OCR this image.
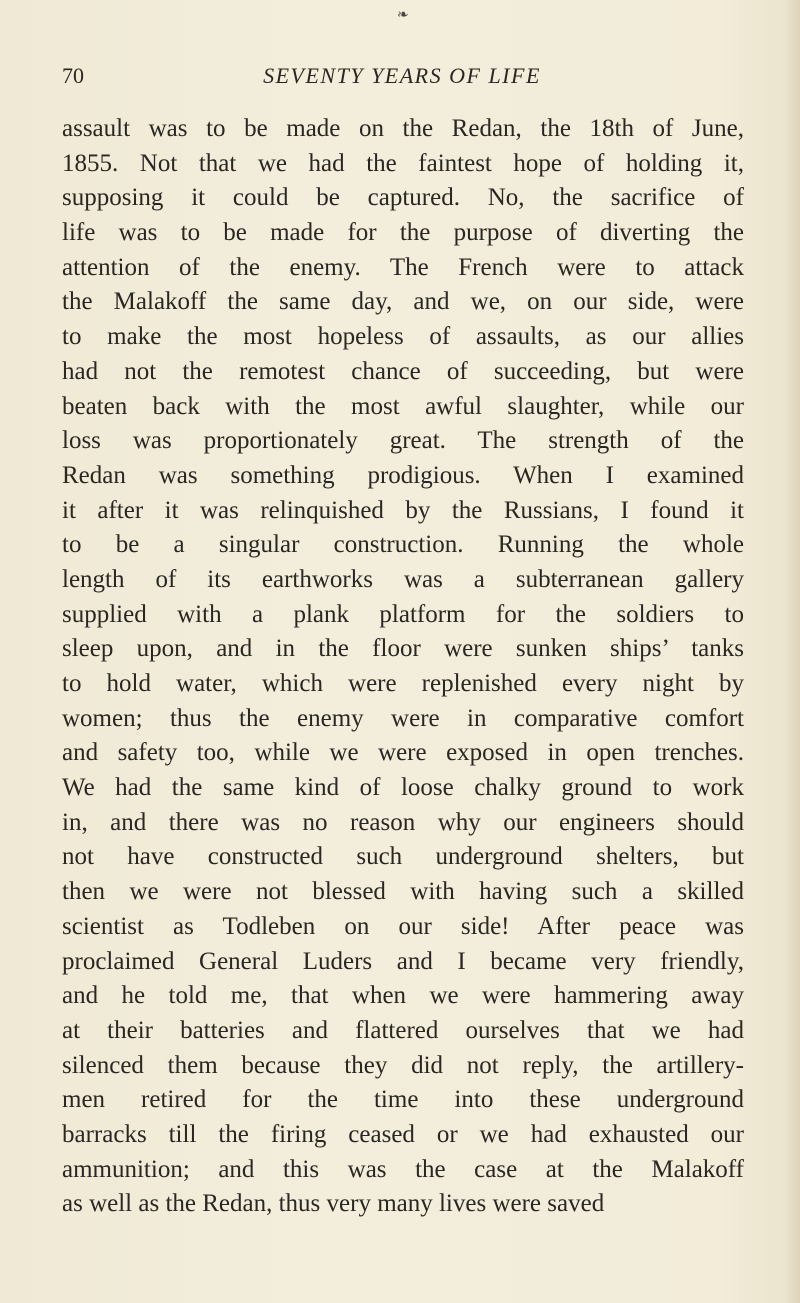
❧
70	SEVENTY YEARS OF LIFE
assault was to be made on the Redan, the 18th of June,
1855. Not that we had the faintest hope of holding it,
supposing it could be captured. No, the sacrifice of
life was to be made for the purpose of diverting the
attention of the enemy. The French were to attack
the Malakoff the same day, and we, on our side, were
to make the most hopeless of assaults, as our allies
had not the remotest chance of succeeding, but were
beaten back with the most awful slaughter, while our
loss was proportionately great. The strength of the
Redan was something prodigious. When I examined
it after it was relinquished by the Russians, I found it
to be a singular construction. Running the whole
length of its earthworks was a subterranean gallery
supplied with a plank platform for the soldiers to
sleep upon, and in the floor were sunken ships’ tanks
to hold water, which were replenished every night by
women; thus the enemy were in comparative comfort
and safety too, while we were exposed in open trenches.
We had the same kind of loose chalky ground to work
in, and there was no reason why our engineers should
not have constructed such underground shelters, but
then we were not blessed with having such a skilled
scientist as Todleben on our side! After peace was
proclaimed General Luders and I became very friendly,
and he told me, that when we were hammering away
at their batteries and flattered ourselves that we had
silenced them because they did not reply, the artillery-
men retired for the time into these underground
barracks till the firing ceased or we had exhausted our
ammunition; and this was the case at the Malakoff
as well as the Redan, thus very many lives were saved
